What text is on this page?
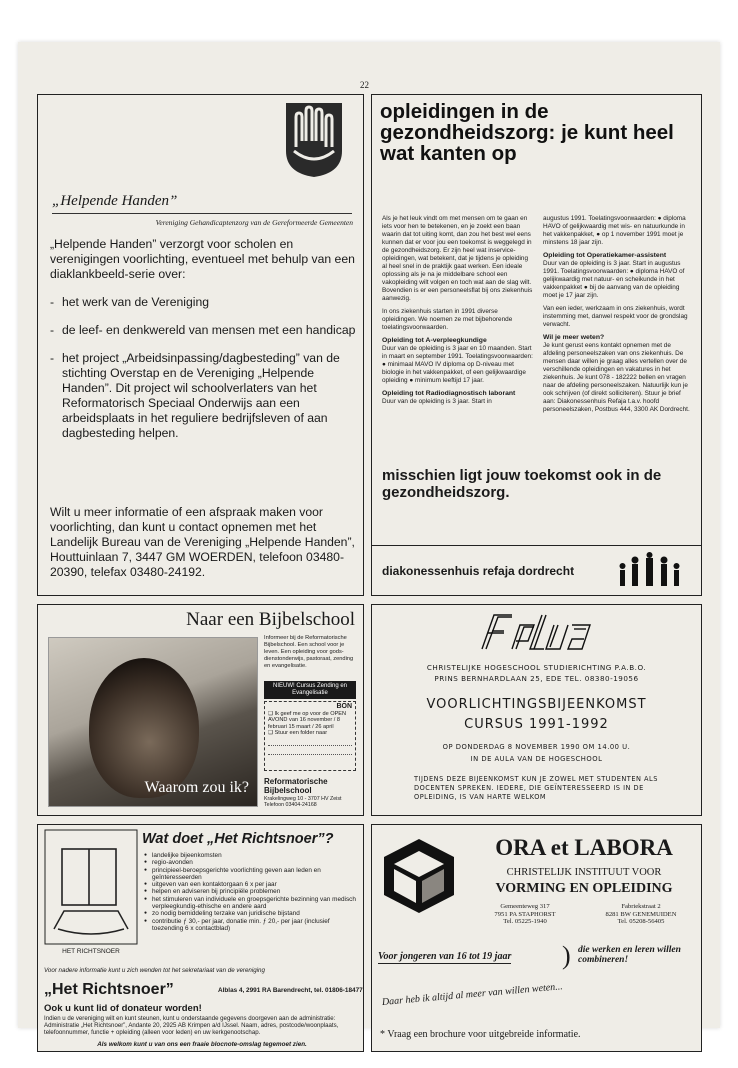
22
„Helpende Handen”
Vereniging Gehandicaptenzorg van de Gereformeerde Gemeenten
„Helpende Handen” verzorgt voor scholen en verenigingen voorlichting, eventueel met behulp van een diaklankbeeld-serie over:
- het werk van de Vereniging
- de leef- en denkwereld van mensen met een handicap
- het project „Arbeidsinpassing/dagbesteding” van de stichting Overstap en de Vereniging „Helpende Handen”. Dit project wil schoolverlaters van het Reformatorisch Speciaal Onderwijs aan een arbeidsplaats in het reguliere bedrijfsleven of aan dagbesteding helpen.
Wilt u meer informatie of een afspraak maken voor voorlichting, dan kunt u contact opnemen met het Landelijk Bureau van de Vereniging „Helpende Handen”, Houttuinlaan 7, 3447 GM WOERDEN, telefoon 03480-20390, telefax 03480-24192.
opleidingen in de gezondheidszorg: je kunt heel wat kanten op

Als je het leuk vindt om met mensen om te gaan en iets voor hen te betekenen, en je zoekt een baan waarin dat tot uiting komt, dan zou het best wel eens kunnen dat er voor jou een toekomst is weggelegd in de gezondheidszorg. Er zijn heel wat inservice-opleidingen, wat betekent, dat je tijdens je opleiding al heel snel in de praktijk gaat werken. Een ideale oplossing als je na je middelbare school een vakopleiding wilt volgen en toch wat aan de slag wilt. Bovendien is er een personeelsflat bij ons ziekenhuis aanwezig.

In ons ziekenhuis starten in 1991 diverse opleidingen. We noemen ze met bijbehorende toelatingsvoorwaarden.

Opleiding tot A-verpleegkundige

Duur van de opleiding is 3 jaar en 10 maanden. Start in maart en september 1991. Toelatingsvoorwaarden: ● minimaal MAVO IV diploma op D-niveau met biologie in het vakkenpakket, of een gelijkwaardige opleiding ● minimum leeftijd 17 jaar.

Opleiding tot Radiodiagnostisch laborant

Duur van de opleiding is 3 jaar. Start in

augustus 1991. Toelatingsvoorwaarden: ● diploma HAVO of gelijkwaardig met wis- en natuurkunde in het vakkenpakket, ● op 1 november 1991 moet je minstens 18 jaar zijn.

Opleiding tot Operatiekamer-assistent

Duur van de opleiding is 3 jaar. Start in augustus 1991. Toelatingsvoorwaarden: ● diploma HAVO of gelijkwaardig met natuur- en scheikunde in het vakkenpakket ● bij de aanvang van de opleiding moet je 17 jaar zijn.

Van een ieder, werkzaam in ons ziekenhuis, wordt instemming met, danwel respekt voor de grondslag verwacht.

Wil je meer weten?

Je kunt gerust eens kontakt opnemen met de afdeling personeelszaken van ons ziekenhuis. De mensen daar willen je graag alles vertellen over de verschillende opleidingen en vakatures in het ziekenhuis. Je kunt 078 - 182222 bellen en vragen naar de afdeling personeelszaken. Natuurlijk kun je ook schrijven (of direkt solliciteren). Stuur je brief aan: Diakonessenhuis Refaja t.a.v. hoofd personeelszaken, Postbus 444, 3300 AK Dordrecht.

misschien ligt jouw toekomst ook in de gezondheidszorg.
diakonessenhuis refaja dordrecht
Naar een Bijbelschool
Waarom zou ik?
Informeer bij de Reformatorische Bijbelschool. Een school voor je leven. Een opleiding voor gods-dienstonderwijs, pastoraat, zending en evangelisatie.
NIEUW! Cursus Zending en Evangelisatie
BON
❑ Ik geef me op voor de OPEN AVOND van 16 november / 8 februari 15 maart / 26 april
❑ Stuur een folder naar
Reformatorische Bijbelschool
Krakelingweg 10 - 3707 HV Zeist Telefoon 03404-24168
CHRISTELIJKE HOGESCHOOL STUDIERICHTING P.A.B.O.
PRINS BERNHARDLAAN 25, EDE TEL. 08380-19056
VOORLICHTINGSBIJEENKOMST
CURSUS 1991-1992
OP DONDERDAG 8 NOVEMBER 1990 OM 14.00 U.
IN DE AULA VAN DE HOGESCHOOL
TIJDENS DEZE BIJEENKOMST KUN JE ZOWEL MET STUDENTEN ALS DOCENTEN SPREKEN. IEDERE, DIE GEÏNTERESSEERD IS IN DE OPLEIDING, IS VAN HARTE WELKOM
HET RICHTSNOER
Wat doet „Het Richtsnoer”?
● landelijke bijeenkomsten
● regio-avonden
● principieel-beroepsgerichte voorlichting geven aan leden en geïnteresseerden
● uitgeven van een kontaktorgaan 6 x per jaar
● helpen en adviseren bij principiële problemen
● het stimuleren van individuele en groepsgerichte bezinning van medisch verpleegkundig-ethische en andere aard
● zo nodig bemiddeling terzake van juridische bijstand
● contributie ƒ 30,- per jaar, donatie min. ƒ 20,- per jaar (inclusief toezending 6 x contactblad)
Voor nadere informatie kunt u zich wenden tot het sekretariaat van de vereniging
„Het Richtsnoer”	Alblas 4, 2991 RA Barendrecht, tel. 01806-18477
Ook u kunt lid of donateur worden!
Indien u de vereniging wilt en kunt steunen, kunt u onderstaande gegevens doorgeven aan de administratie: Administratie „Het Richtsnoer”, Andante 20, 2925 AB Krimpen a/d IJssel. Naam, adres, postcode/woonplaats, telefoonnummer, functie + opleiding (alleen voor leden) en uw kerkgenootschap.
Als welkom kunt u van ons een fraaie blocnote-omslag tegemoet zien.
ORA et LABORA
CHRISTELIJK INSTITUUT VOOR
VORMING EN OPLEIDING
Gemeenteweg 317
7951 PA STAPHORST
Tel. 05225-1940
Fabriekstraat 2
8281 BW GENEMUIDEN
Tel. 05208-56405
Voor jongeren van 16 tot 19 jaar ) die werken en leren willen combineren!
Daar heb ik altijd al meer van willen weten...
* Vraag een brochure voor uitgebreide informatie.
